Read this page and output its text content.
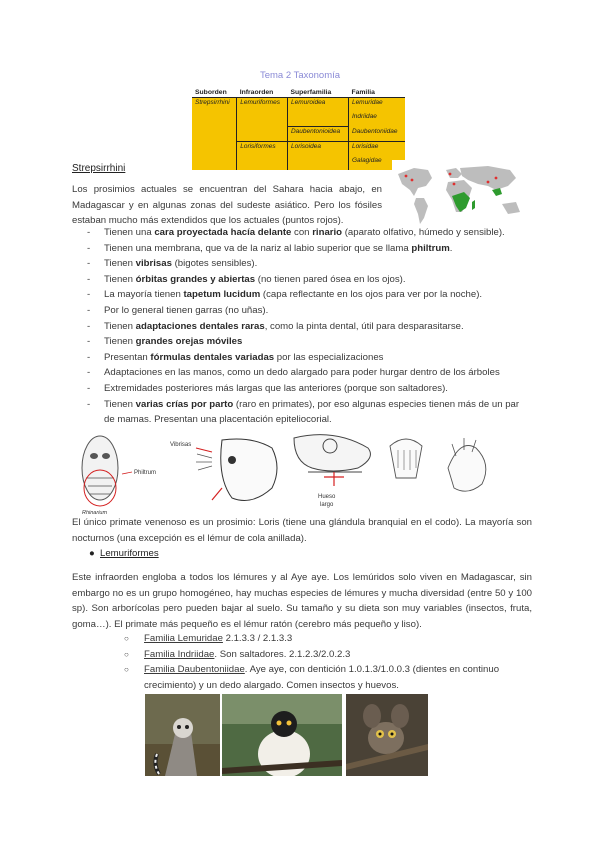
Tema 2 Taxonomía
Suborden	Infraorden	Superfamilia	Familia
Strepsirrhini	Lemuriformes	Lemuroidea	Lemuridae
			Indriidae
		Daubentonioidea	Daubentoniidae
	Lorisiformes	Lorisoidea	Lorisidae
			Galagidae
Strepsirrhini
Los prosimios actuales se encuentran del Sahara hacia abajo, en Madagascar y en algunas zonas del sudeste asiático. Pero los fósiles estaban mucho más extendidos que los actuales (puntos rojos).
- Tienen una cara proyectada hacía delante con rinario (aparato olfativo, húmedo y sensible).
- Tienen una membrana, que va de la nariz al labio superior que se llama philtrum.
- Tienen vibrisas (bigotes sensibles).
- Tienen órbitas grandes y abiertas (no tienen pared ósea en los ojos).
- La mayoría tienen tapetum lucidum (capa reflectante en los ojos para ver por la noche).
- Por lo general tienen garras (no uñas).
- Tienen adaptaciones dentales raras, como la pinta dental, útil para desparasitarse.
- Tienen grandes orejas móviles
- Presentan fórmulas dentales variadas por las especializaciones
- Adaptaciones en las manos, como un dedo alargado para poder hurgar dentro de los árboles
- Extremidades posteriores más largas que las anteriores (porque son saltadores).
- Tienen varias crías por parto (raro en primates), por eso algunas especies tienen más de un par de mamas. Presentan una placentación epiteliocorial.
Philtrum
Rhinarium
Vibrisas
Hueso
largo
El único primate venenoso es un prosimio: Loris (tiene una glándula branquial en el codo). La mayoría son nocturnos (una excepción es el lémur de cola anillada).
● Lemuriformes
Este infraorden engloba a todos los lémures y al Aye aye. Los lemúridos solo viven en Madagascar, sin embargo no es un grupo homogéneo, hay muchas especies de lémures y mucha diversidad (entre 50 y 100 sp). Son arborícolas pero pueden bajar al suelo. Su tamaño y su dieta son muy variables (insectos, fruta, goma…). El primate más pequeño es el lémur ratón (cerebro más pequeño y liso).
○ Familia Lemuridae 2.1.3.3 / 2.1.3.3
○ Familia Indriidae. Son saltadores. 2.1.2.3/2.0.2.3
○ Familia Daubentoniidae. Aye aye, con dentición 1.0.1.3/1.0.0.3 (dientes en continuo crecimiento) y un dedo alargado. Comen insectos y huevos.
